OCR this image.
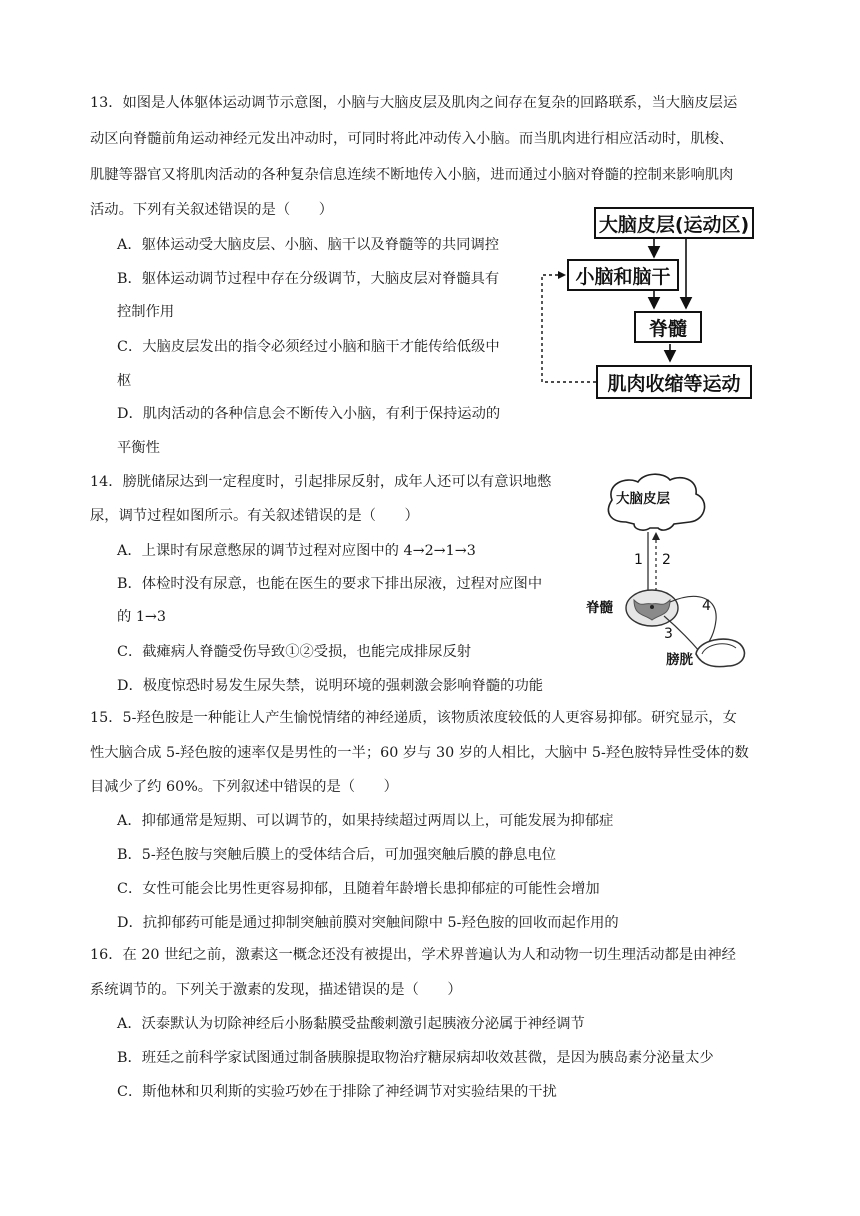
13．如图是人体躯体运动调节示意图，小脑与大脑皮层及肌肉之间存在复杂的回路联系，当大脑皮层运
动区向脊髓前角运动神经元发出冲动时，可同时将此冲动传入小脑。而当肌肉进行相应活动时，肌梭、
肌腱等器官又将肌肉活动的各种复杂信息连续不断地传入小脑，进而通过小脑对脊髓的控制来影响肌肉
活动。下列有关叙述错误的是（　　）
A．躯体运动受大脑皮层、小脑、脑干以及脊髓等的共同调控
B．躯体运动调节过程中存在分级调节，大脑皮层对脊髓具有
控制作用
C．大脑皮层发出的指令必须经过小脑和脑干才能传给低级中
枢
D．肌肉活动的各种信息会不断传入小脑，有利于保持运动的
平衡性
大脑皮层(运动区)
小脑和脑干
脊髓
肌肉收缩等运动
14．膀胱储尿达到一定程度时，引起排尿反射，成年人还可以有意识地憋
尿，调节过程如图所示。有关叙述错误的是（　　）
A．上课时有尿意憋尿的调节过程对应图中的 4→2→1→3
B．体检时没有尿意，也能在医生的要求下排出尿液，过程对应图中
的 1→3
C．截瘫病人脊髓受伤导致①②受损，也能完成排尿反射
D．极度惊恐时易发生尿失禁，说明环境的强刺激会影响脊髓的功能
大脑皮层
1 2
脊髓	4
3
膀胱
15．5-羟色胺是一种能让人产生愉悦情绪的神经递质，该物质浓度较低的人更容易抑郁。研究显示，女
性大脑合成 5-羟色胺的速率仅是男性的一半；60 岁与 30 岁的人相比，大脑中 5-羟色胺特异性受体的数
目减少了约 60%。下列叙述中错误的是（　　）
A．抑郁通常是短期、可以调节的，如果持续超过两周以上，可能发展为抑郁症
B．5-羟色胺与突触后膜上的受体结合后，可加强突触后膜的静息电位
C．女性可能会比男性更容易抑郁，且随着年龄增长患抑郁症的可能性会增加
D．抗抑郁药可能是通过抑制突触前膜对突触间隙中 5-羟色胺的回收而起作用的
16．在 20 世纪之前，激素这一概念还没有被提出，学术界普遍认为人和动物一切生理活动都是由神经
系统调节的。下列关于激素的发现，描述错误的是（　　）
A．沃泰默认为切除神经后小肠黏膜受盐酸刺激引起胰液分泌属于神经调节
B．班廷之前科学家试图通过制备胰腺提取物治疗糖尿病却收效甚微，是因为胰岛素分泌量太少
C．斯他林和贝利斯的实验巧妙在于排除了神经调节对实验结果的干扰
